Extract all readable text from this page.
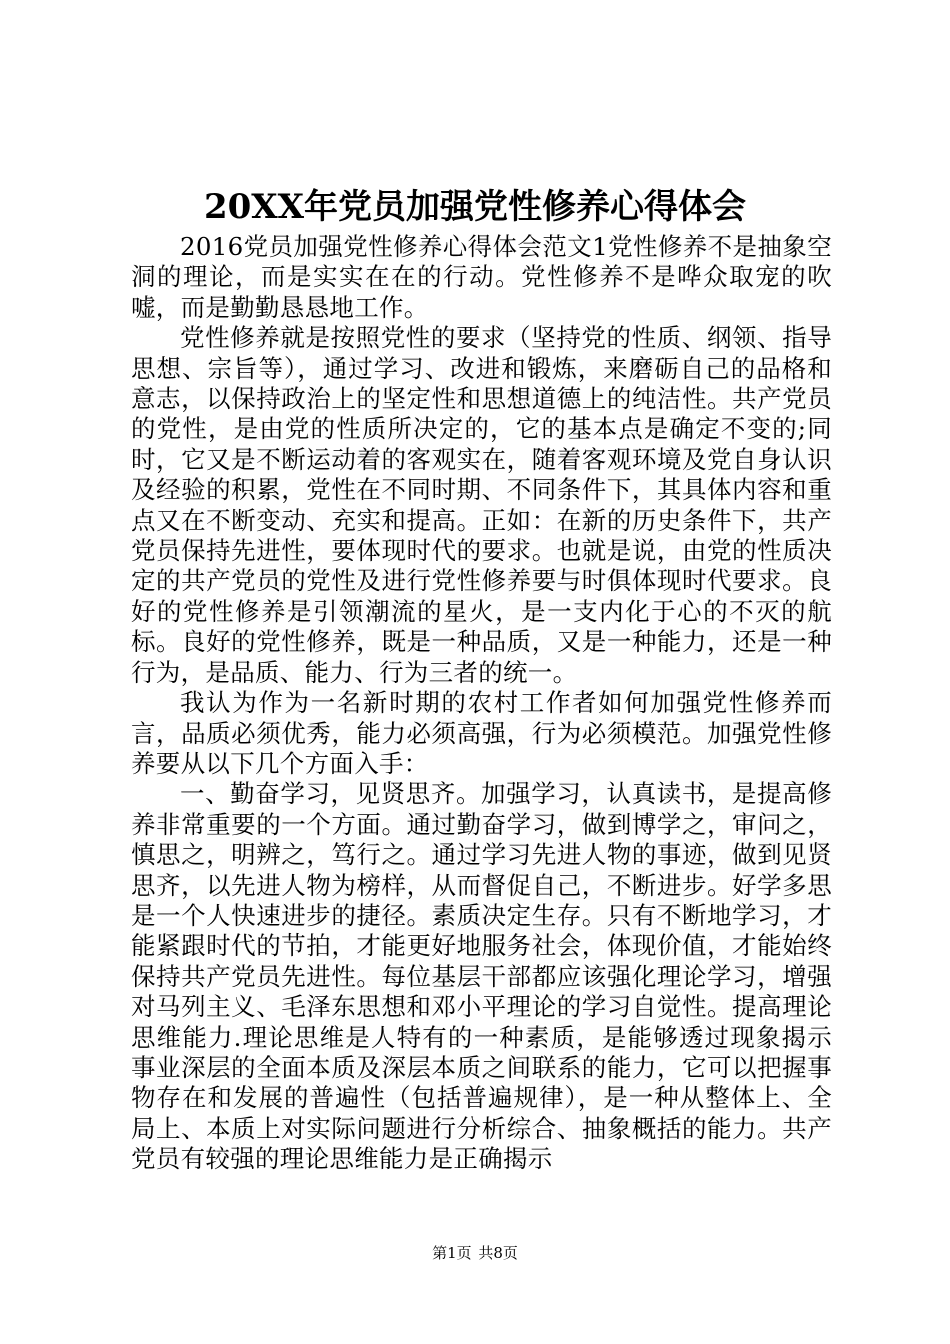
20XX年党员加强党性修养心得体会

2016党员加强党性修养心得体会范文1党性修养不是抽象空洞的理论，而是实实在在的行动。党性修养不是哗众取宠的吹嘘，而是勤勤恳恳地工作。

党性修养就是按照党性的要求（坚持党的性质、纲领、指导思想、宗旨等），通过学习、改进和锻炼，来磨砺自己的品格和意志，以保持政治上的坚定性和思想道德上的纯洁性。共产党员的党性，是由党的性质所决定的，它的基本点是确定不变的;同时，它又是不断运动着的客观实在，随着客观环境及党自身认识及经验的积累，党性在不同时期、不同条件下，其具体内容和重点又在不断变动、充实和提高。正如：在新的历史条件下，共产党员保持先进性，要体现时代的要求。也就是说，由党的性质决定的共产党员的党性及进行党性修养要与时俱体现时代要求。良好的党性修养是引领潮流的星火，是一支内化于心的不灭的航标。良好的党性修养，既是一种品质，又是一种能力，还是一种行为，是品质、能力、行为三者的统一。

我认为作为一名新时期的农村工作者如何加强党性修养而言，品质必须优秀，能力必须高强，行为必须模范。加强党性修养要从以下几个方面入手：

一、勤奋学习，见贤思齐。加强学习，认真读书，是提高修养非常重要的一个方面。通过勤奋学习，做到博学之，审问之，慎思之，明辨之，笃行之。通过学习先进人物的事迹，做到见贤思齐，以先进人物为榜样，从而督促自己，不断进步。好学多思是一个人快速进步的捷径。素质决定生存。只有不断地学习，才能紧跟时代的节拍，才能更好地服务社会，体现价值，才能始终保持共产党员先进性。每位基层干部都应该强化理论学习，增强对马列主义、毛泽东思想和邓小平理论的学习自觉性。提高理论思维能力.理论思维是人特有的一种素质，是能够透过现象揭示事业深层的全面本质及深层本质之间联系的能力，它可以把握事物存在和发展的普遍性（包括普遍规律），是一种从整体上、全局上、本质上对实际问题进行分析综合、抽象概括的能力。共产党员有较强的理论思维能力是正确揭示

第1页 共8页
